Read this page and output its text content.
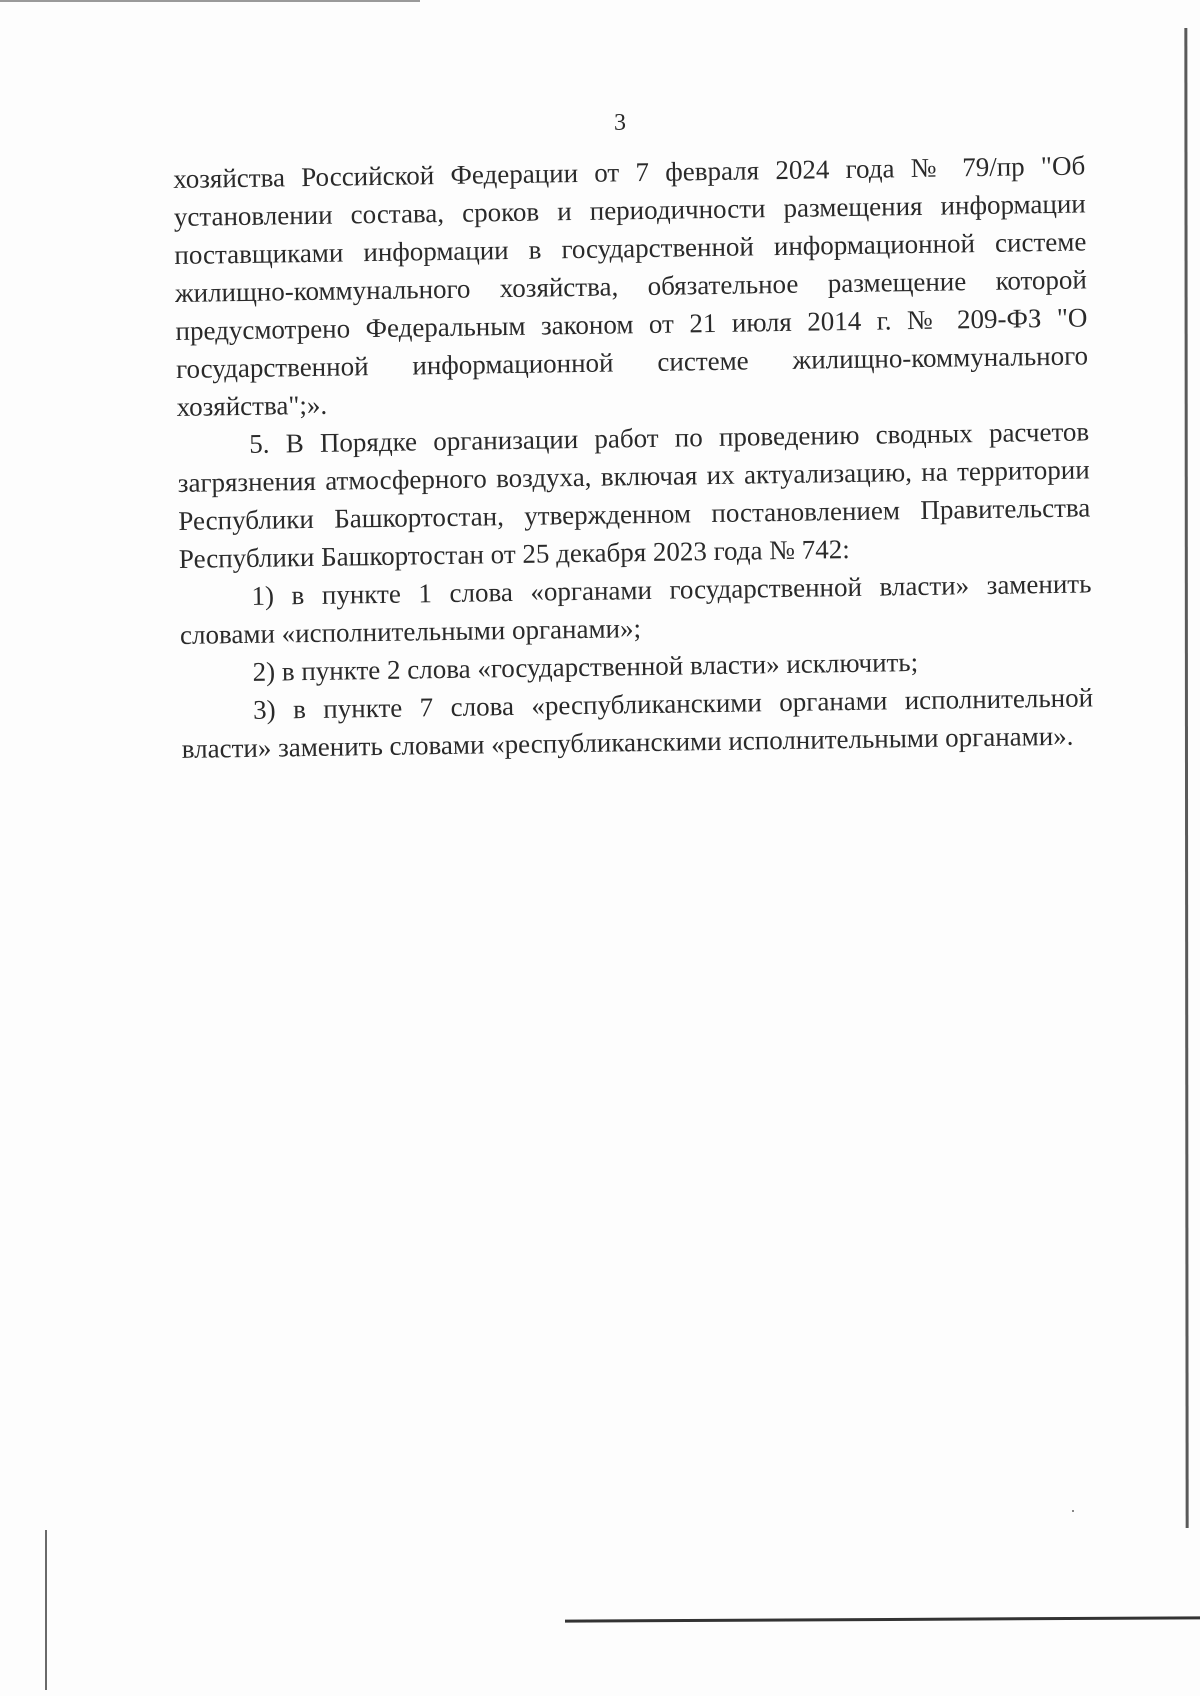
3

хозяйства Российской Федерации от 7 февраля 2024 года № 79/пр "Об установлении состава, сроков и периодичности размещения информации поставщиками информации в государственной информационной системе жилищно-коммунального хозяйства, обязательное размещение которой предусмотрено Федеральным законом от 21 июля 2014 г. № 209-ФЗ "О государственной информационной системе жилищно-коммунального хозяйства";».

5. В Порядке организации работ по проведению сводных расчетов загрязнения атмосферного воздуха, включая их актуализацию, на территории Республики Башкортостан, утвержденном постановлением Правительства Республики Башкортостан от 25 декабря 2023 года № 742:

1) в пункте 1 слова «органами государственной власти» заменить словами «исполнительными органами»;

2) в пункте 2 слова «государственной власти» исключить;

3) в пункте 7 слова «республиканскими органами исполнительной власти» заменить словами «республиканскими исполнительными органами».
